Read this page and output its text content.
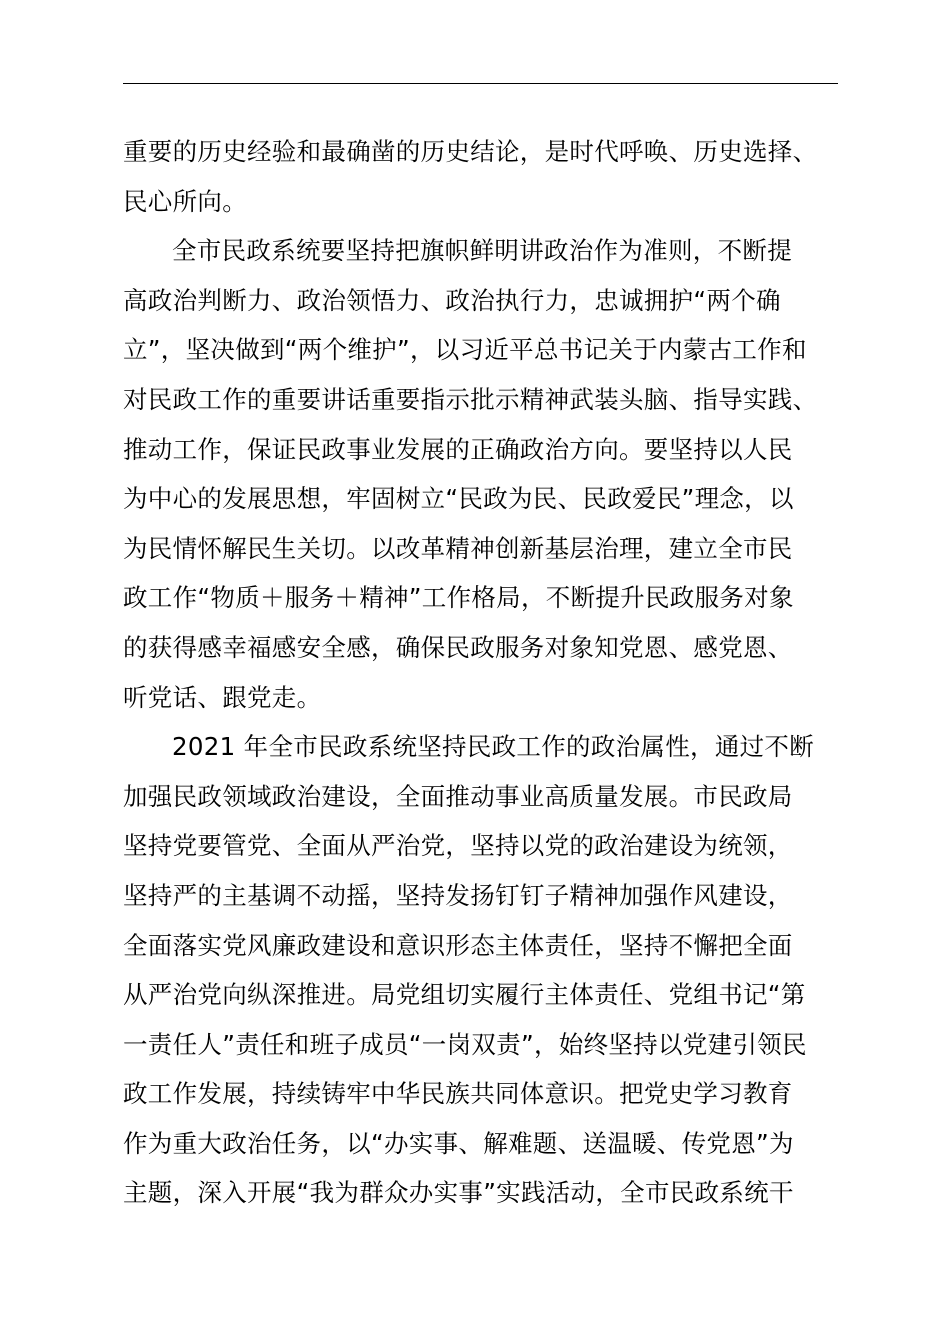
重要的历史经验和最确凿的历史结论，是时代呼唤、历史选择、
民心所向。
全市民政系统要坚持把旗帜鲜明讲政治作为准则，不断提
高政治判断力、政治领悟力、政治执行力，忠诚拥护“两个确
立”，坚决做到“两个维护”，以习近平总书记关于内蒙古工作和
对民政工作的重要讲话重要指示批示精神武装头脑、指导实践、
推动工作，保证民政事业发展的正确政治方向。要坚持以人民
为中心的发展思想，牢固树立“民政为民、民政爱民”理念，以
为民情怀解民生关切。以改革精神创新基层治理，建立全市民
政工作“物质＋服务＋精神”工作格局，不断提升民政服务对象
的获得感幸福感安全感，确保民政服务对象知党恩、感党恩、
听党话、跟党走。
2021 年全市民政系统坚持民政工作的政治属性，通过不断
加强民政领域政治建设，全面推动事业高质量发展。市民政局
坚持党要管党、全面从严治党，坚持以党的政治建设为统领，
坚持严的主基调不动摇，坚持发扬钉钉子精神加强作风建设，
全面落实党风廉政建设和意识形态主体责任，坚持不懈把全面
从严治党向纵深推进。局党组切实履行主体责任、党组书记“第
一责任人”责任和班子成员“一岗双责”，始终坚持以党建引领民
政工作发展，持续铸牢中华民族共同体意识。把党史学习教育
作为重大政治任务，以“办实事、解难题、送温暖、传党恩”为
主题，深入开展“我为群众办实事”实践活动，全市民政系统干
